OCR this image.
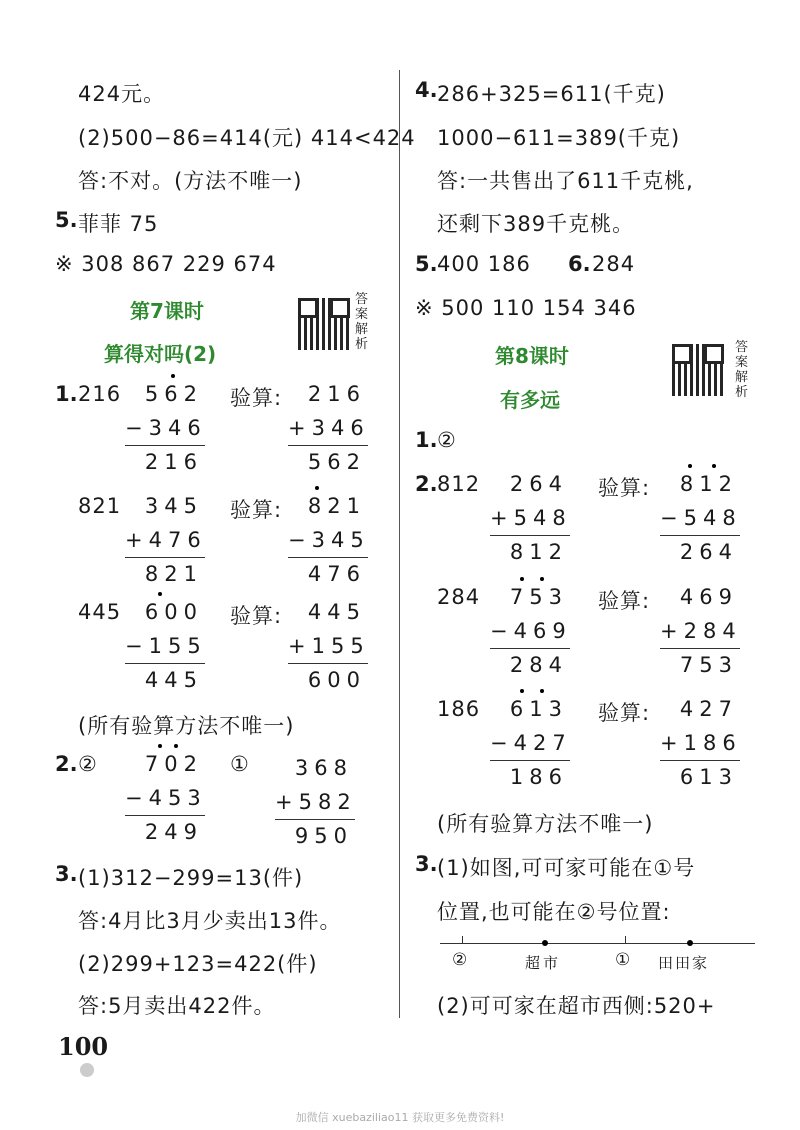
424元。
(2)500−86=414(元) 414<424
答:不对。(方法不唯一)
5. 菲菲 75
※ 308 867 229 674
第7课时
算得对吗(2)
答案解析
1. 216	562
−346
216
验算:	216
+346
562
821	345
+476
821
验算:	821
−345
476
445	600
−155
445
验算:	445
+155
600
(所有验算方法不唯一)
2. ②	702
−453
249
①	368
+582
950
3. (1)312−299=13(件)
答:4月比3月少卖出13件。
(2)299+123=422(件)
答:5月卖出422件。
4. 286+325=611(千克)
1000−611=389(千克)
答:一共售出了611千克桃,
还剩下389千克桃。
5. 400 186 6. 284
※ 500 110 154 346
第8课时
有多远
答案解析
1. ②
2. 812	264
+548
812
验算:	812
−548
264
284	753
−469
284
验算:	469
+284
753
186	613
−427
186
验算:	427
+186
613
(所有验算方法不唯一)
3. (1)如图,可可家可能在①号
位置,也可能在②号位置:
②	超市	① 田田家
(2)可可家在超市西侧:520+
100
加微信 xuebaziliao11 获取更多免费资料!
